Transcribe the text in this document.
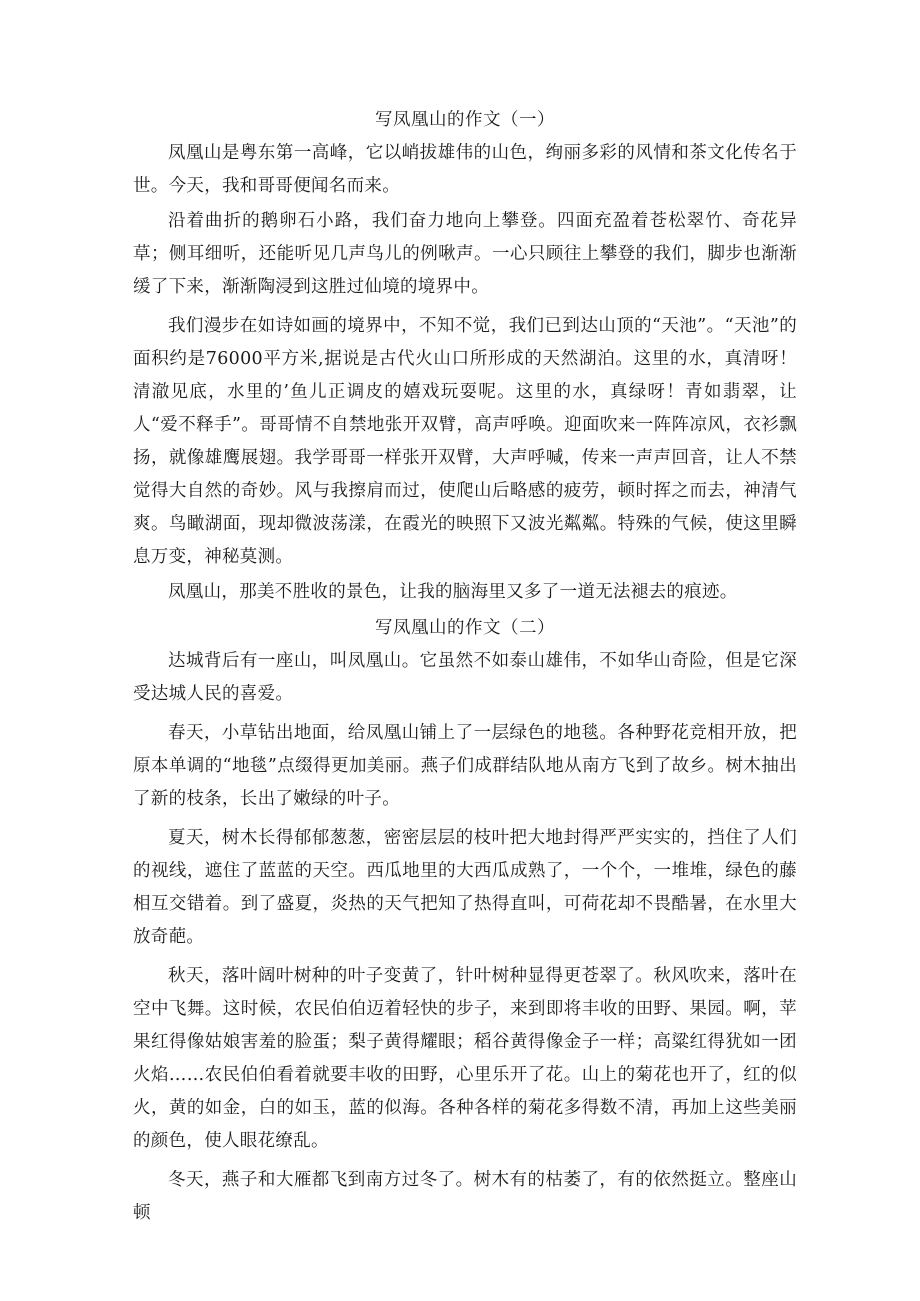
写凤凰山的作文（一）

凤凰山是粤东第一高峰，它以峭拔雄伟的山色，绚丽多彩的风情和茶文化传名于世。今天，我和哥哥便闻名而来。

沿着曲折的鹅卵石小路，我们奋力地向上攀登。四面充盈着苍松翠竹、奇花异草；侧耳细听，还能听见几声鸟儿的例啾声。一心只顾往上攀登的我们，脚步也渐渐缓了下来，渐渐陶浸到这胜过仙境的境界中。

我们漫步在如诗如画的境界中，不知不觉，我们已到达山顶的“天池”。“天池”的面积约是76000平方米,据说是古代火山口所形成的天然湖泊。这里的水，真清呀！清澈见底，水里的’鱼儿正调皮的嬉戏玩耍呢。这里的水，真绿呀！青如翡翠，让人“爱不释手”。哥哥情不自禁地张开双臂，高声呼唤。迎面吹来一阵阵凉风，衣衫飘扬，就像雄鹰展翅。我学哥哥一样张开双臂，大声呼喊，传来一声声回音，让人不禁觉得大自然的奇妙。风与我擦肩而过，使爬山后略感的疲劳，顿时挥之而去，神清气爽。鸟瞰湖面，现却微波荡漾，在霞光的映照下又波光粼粼。特殊的气候，使这里瞬息万变，神秘莫测。

凤凰山，那美不胜收的景色，让我的脑海里又多了一道无法褪去的痕迹。

写凤凰山的作文（二）

达城背后有一座山，叫凤凰山。它虽然不如泰山雄伟，不如华山奇险，但是它深受达城人民的喜爱。

春天，小草钻出地面，给凤凰山铺上了一层绿色的地毯。各种野花竞相开放，把原本单调的“地毯”点缀得更加美丽。燕子们成群结队地从南方飞到了故乡。树木抽出了新的枝条，长出了嫩绿的叶子。

夏天，树木长得郁郁葱葱，密密层层的枝叶把大地封得严严实实的，挡住了人们的视线，遮住了蓝蓝的天空。西瓜地里的大西瓜成熟了，一个个，一堆堆，绿色的藤相互交错着。到了盛夏，炎热的天气把知了热得直叫，可荷花却不畏酷暑，在水里大放奇葩。

秋天，落叶阔叶树种的叶子变黄了，针叶树种显得更苍翠了。秋风吹来，落叶在空中飞舞。这时候，农民伯伯迈着轻快的步子，来到即将丰收的田野、果园。啊，苹果红得像姑娘害羞的脸蛋；梨子黄得耀眼；稻谷黄得像金子一样；高粱红得犹如一团火焰……农民伯伯看着就要丰收的田野，心里乐开了花。山上的菊花也开了，红的似火，黄的如金，白的如玉，蓝的似海。各种各样的菊花多得数不清，再加上这些美丽的颜色，使人眼花缭乱。

冬天，燕子和大雁都飞到南方过冬了。树木有的枯萎了，有的依然挺立。整座山顿
